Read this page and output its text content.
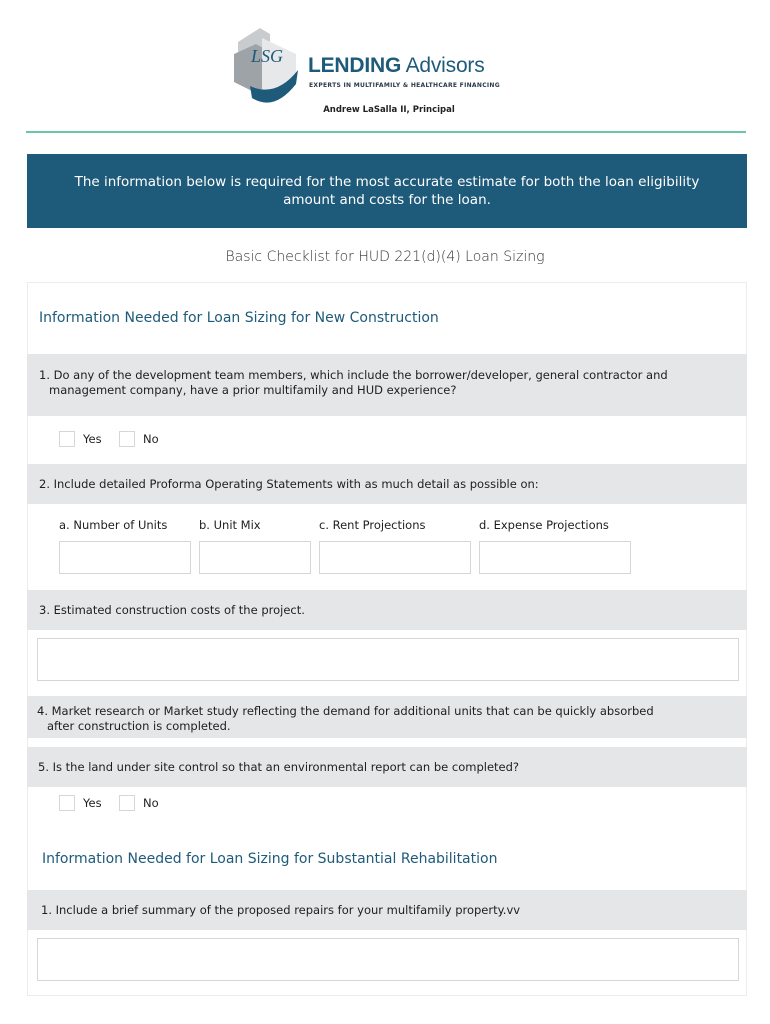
LSG LENDING Advisors
EXPERTS IN MULTIFAMILY & HEALTHCARE FINANCING
Andrew LaSalla II, Principal
The information below is required for the most accurate estimate for both the loan eligibility amount and costs for the loan.
Basic Checklist for HUD 221(d)(4) Loan Sizing
Information Needed for Loan Sizing for New Construction
1. Do any of the development team members, which include the borrower/developer, general contractor and
management company, have a prior multifamily and HUD experience?
Yes	No
2. Include detailed Proforma Operating Statements with as much detail as possible on:
a. Number of Units	b. Unit Mix	c. Rent Projections	d. Expense Projections
3. Estimated construction costs of the project.
4. Market research or Market study reflecting the demand for additional units that can be quickly absorbed
after construction is completed.
5. Is the land under site control so that an environmental report can be completed?
Yes	No
Information Needed for Loan Sizing for Substantial Rehabilitation
1. Include a brief summary of the proposed repairs for your multifamily property.vv
